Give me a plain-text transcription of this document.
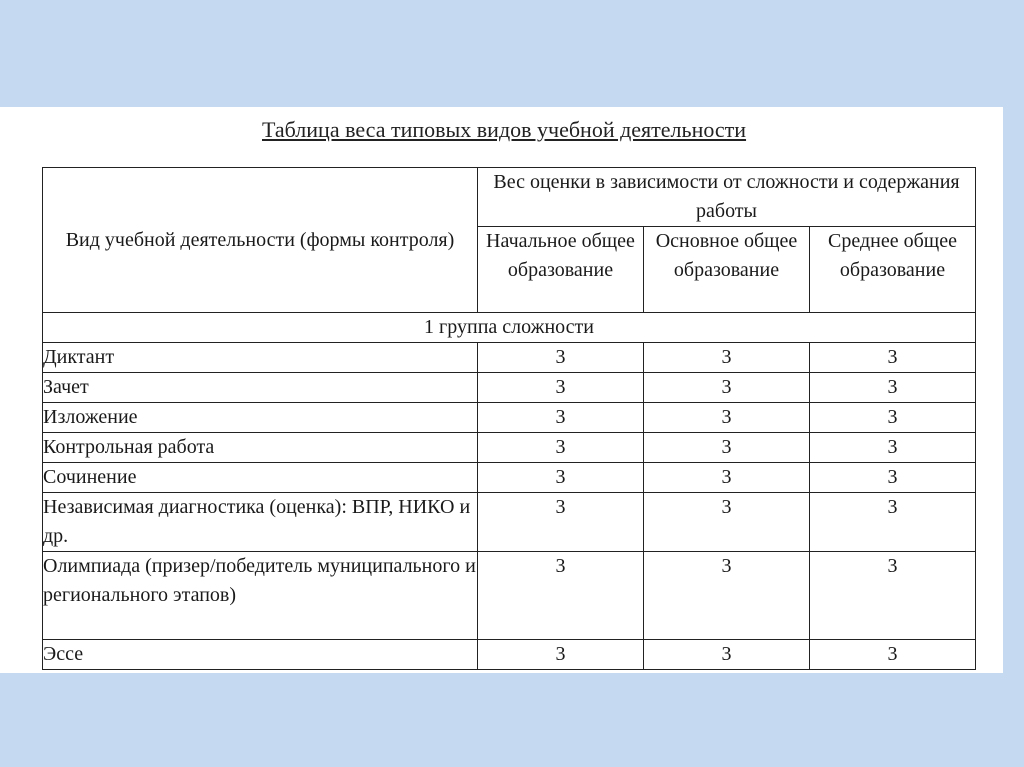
Таблица веса типовых видов учебной деятельности
Вид учебной деятельности (формы контроля)	Вес оценки в зависимости от сложности и содержания работы		
	Начальное общее образование	Основное общее образование	Среднее общее образование
1 группа сложности			
Диктант	3	3	3
Зачет	3	3	3
Изложение	3	3	3
Контрольная работа	3	3	3
Сочинение	3	3	3
Независимая диагностика (оценка): ВПР, НИКО и др.	3	3	3
Олимпиада (призер/победитель муниципального и регионального этапов)	3	3	3
Эссе	3	3	3
